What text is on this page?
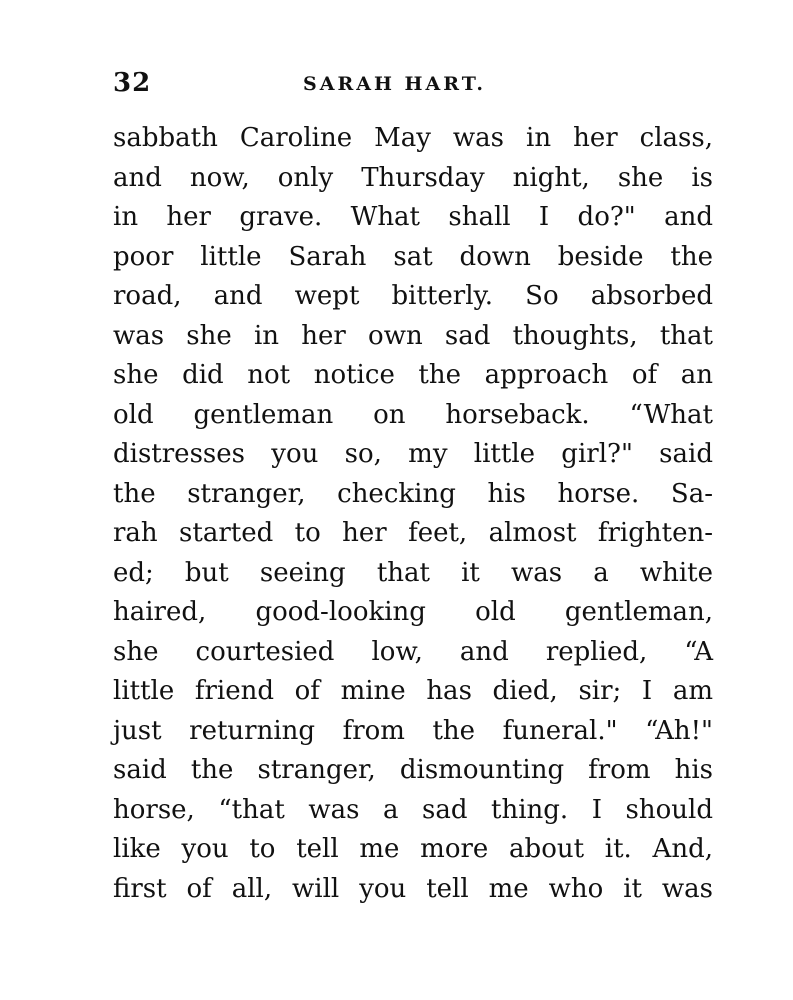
32	SARAH HART.
sabbath Caroline May was in her class,
and now, only Thursday night, she is
in her grave. What shall I do?" and
poor little Sarah sat down beside the
road, and wept bitterly. So absorbed
was she in her own sad thoughts, that
she did not notice the approach of an
old gentleman on horseback. “What
distresses you so, my little girl?" said
the stranger, checking his horse. Sa-
rah started to her feet, almost frighten-
ed; but seeing that it was a white
haired, good-looking old gentleman,
she courtesied low, and replied, “A
little friend of mine has died, sir; I am
just returning from the funeral." “Ah!"
said the stranger, dismounting from his
horse, “that was a sad thing. I should
like you to tell me more about it. And,
first of all, will you tell me who it was
